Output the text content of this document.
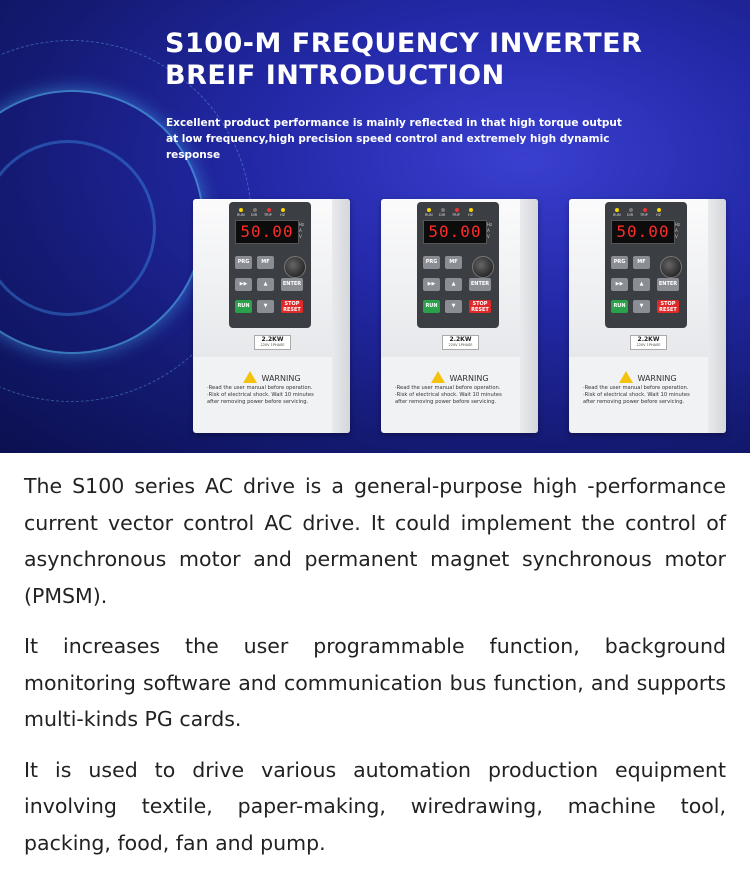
S100-M FREQUENCY INVERTER
BREIF INTRODUCTION
Excellent product performance is mainly reflected in that high torque output at low frequency,high precision speed control and extremely high dynamic response
RUN DIR TRIP HZ
50.00	Hz
A
V
PRG	MF
▶▶	▲	ENTER
RUN	▼	STOP
RESET
2.2KW
220V 1PHASE
WARNING
·Read the user manual before operation.
·Risk of electrical shock. Wait 10 minutes
after removing power before servicing.
RUN DIR TRIP HZ
50.00	Hz
A
V
PRG	MF
▶▶	▲	ENTER
RUN	▼	STOP
RESET
2.2KW
220V 1PHASE
WARNING
·Read the user manual before operation.
·Risk of electrical shock. Wait 10 minutes
after removing power before servicing.
RUN DIR TRIP HZ
50.00	Hz
A
V
PRG	MF
▶▶	▲	ENTER
RUN	▼	STOP
RESET
2.2KW
220V 1PHASE
WARNING
·Read the user manual before operation.
·Risk of electrical shock. Wait 10 minutes
after removing power before servicing.

The S100 series AC drive is a general-purpose high -performance current vector control AC drive. It could implement the control of asynchronous motor and permanent magnet synchronous motor (PMSM).

It increases the user programmable function, background monitoring software and communication bus function, and supports multi-kinds PG cards.

It is used to drive various automation production equipment involving textile, paper-making, wiredrawing, machine tool, packing, food, fan and pump.
